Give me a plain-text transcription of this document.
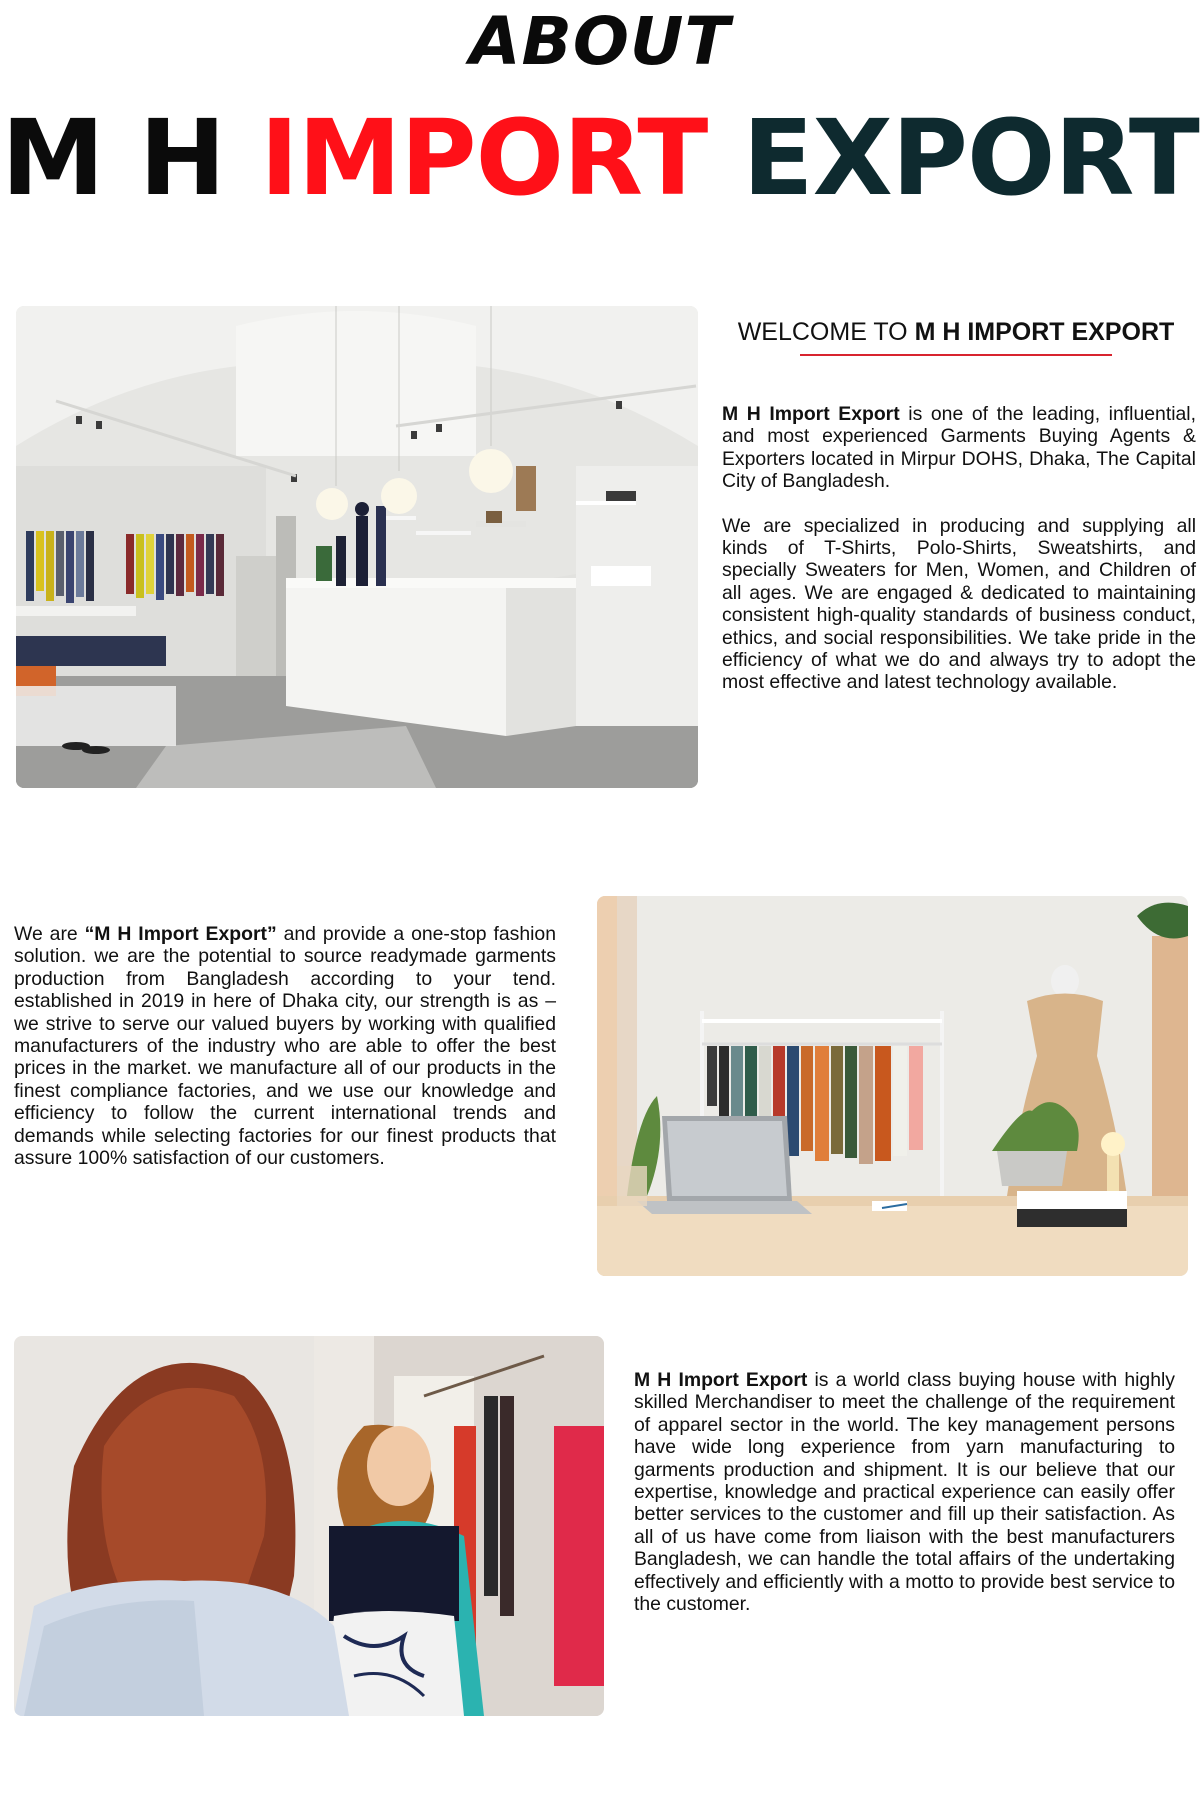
ABOUT
M H IMPORT EXPORT
WELCOME TO M H IMPORT EXPORT
M H Import Export is one of the leading, influential, and most experienced Garments Buying Agents & Exporters located in Mirpur DOHS, Dhaka, The Capital City of Bangladesh.
We are specialized in producing and supplying all kinds of T-Shirts, Polo-Shirts, Sweatshirts, and specially Sweaters for Men, Women, and Children of all ages. We are engaged & dedicated to maintaining consistent high-quality standards of business conduct, ethics, and social responsibilities. We take pride in the efficiency of what we do and always try to adopt the most effective and latest technology available.
We are “M H Import Export” and provide a one-stop fashion solution. we are the potential to source readymade garments production from Bangladesh according to your tend. established in 2019 in here of Dhaka city, our strength is as – we strive to serve our valued buyers by working with qualified manufacturers of the industry who are able to offer the best prices in the market. we manufacture all of our products in the finest compliance factories, and we use our knowledge and efficiency to follow the current international trends and demands while selecting factories for our finest products that assure 100% satisfaction of our customers.
M H Import Export is a world class buying house with highly skilled Merchandiser to meet the challenge of the requirement of apparel sector in the world. The key management persons have wide long experience from yarn manufacturing to garments production and shipment. It is our believe that our expertise, knowledge and practical experience can easily offer better services to the customer and fill up their satisfaction. As all of us have come from liaison with the best manufacturers Bangladesh, we can handle the total affairs of the undertaking effectively and efficiently with a motto to provide best service to the customer.
